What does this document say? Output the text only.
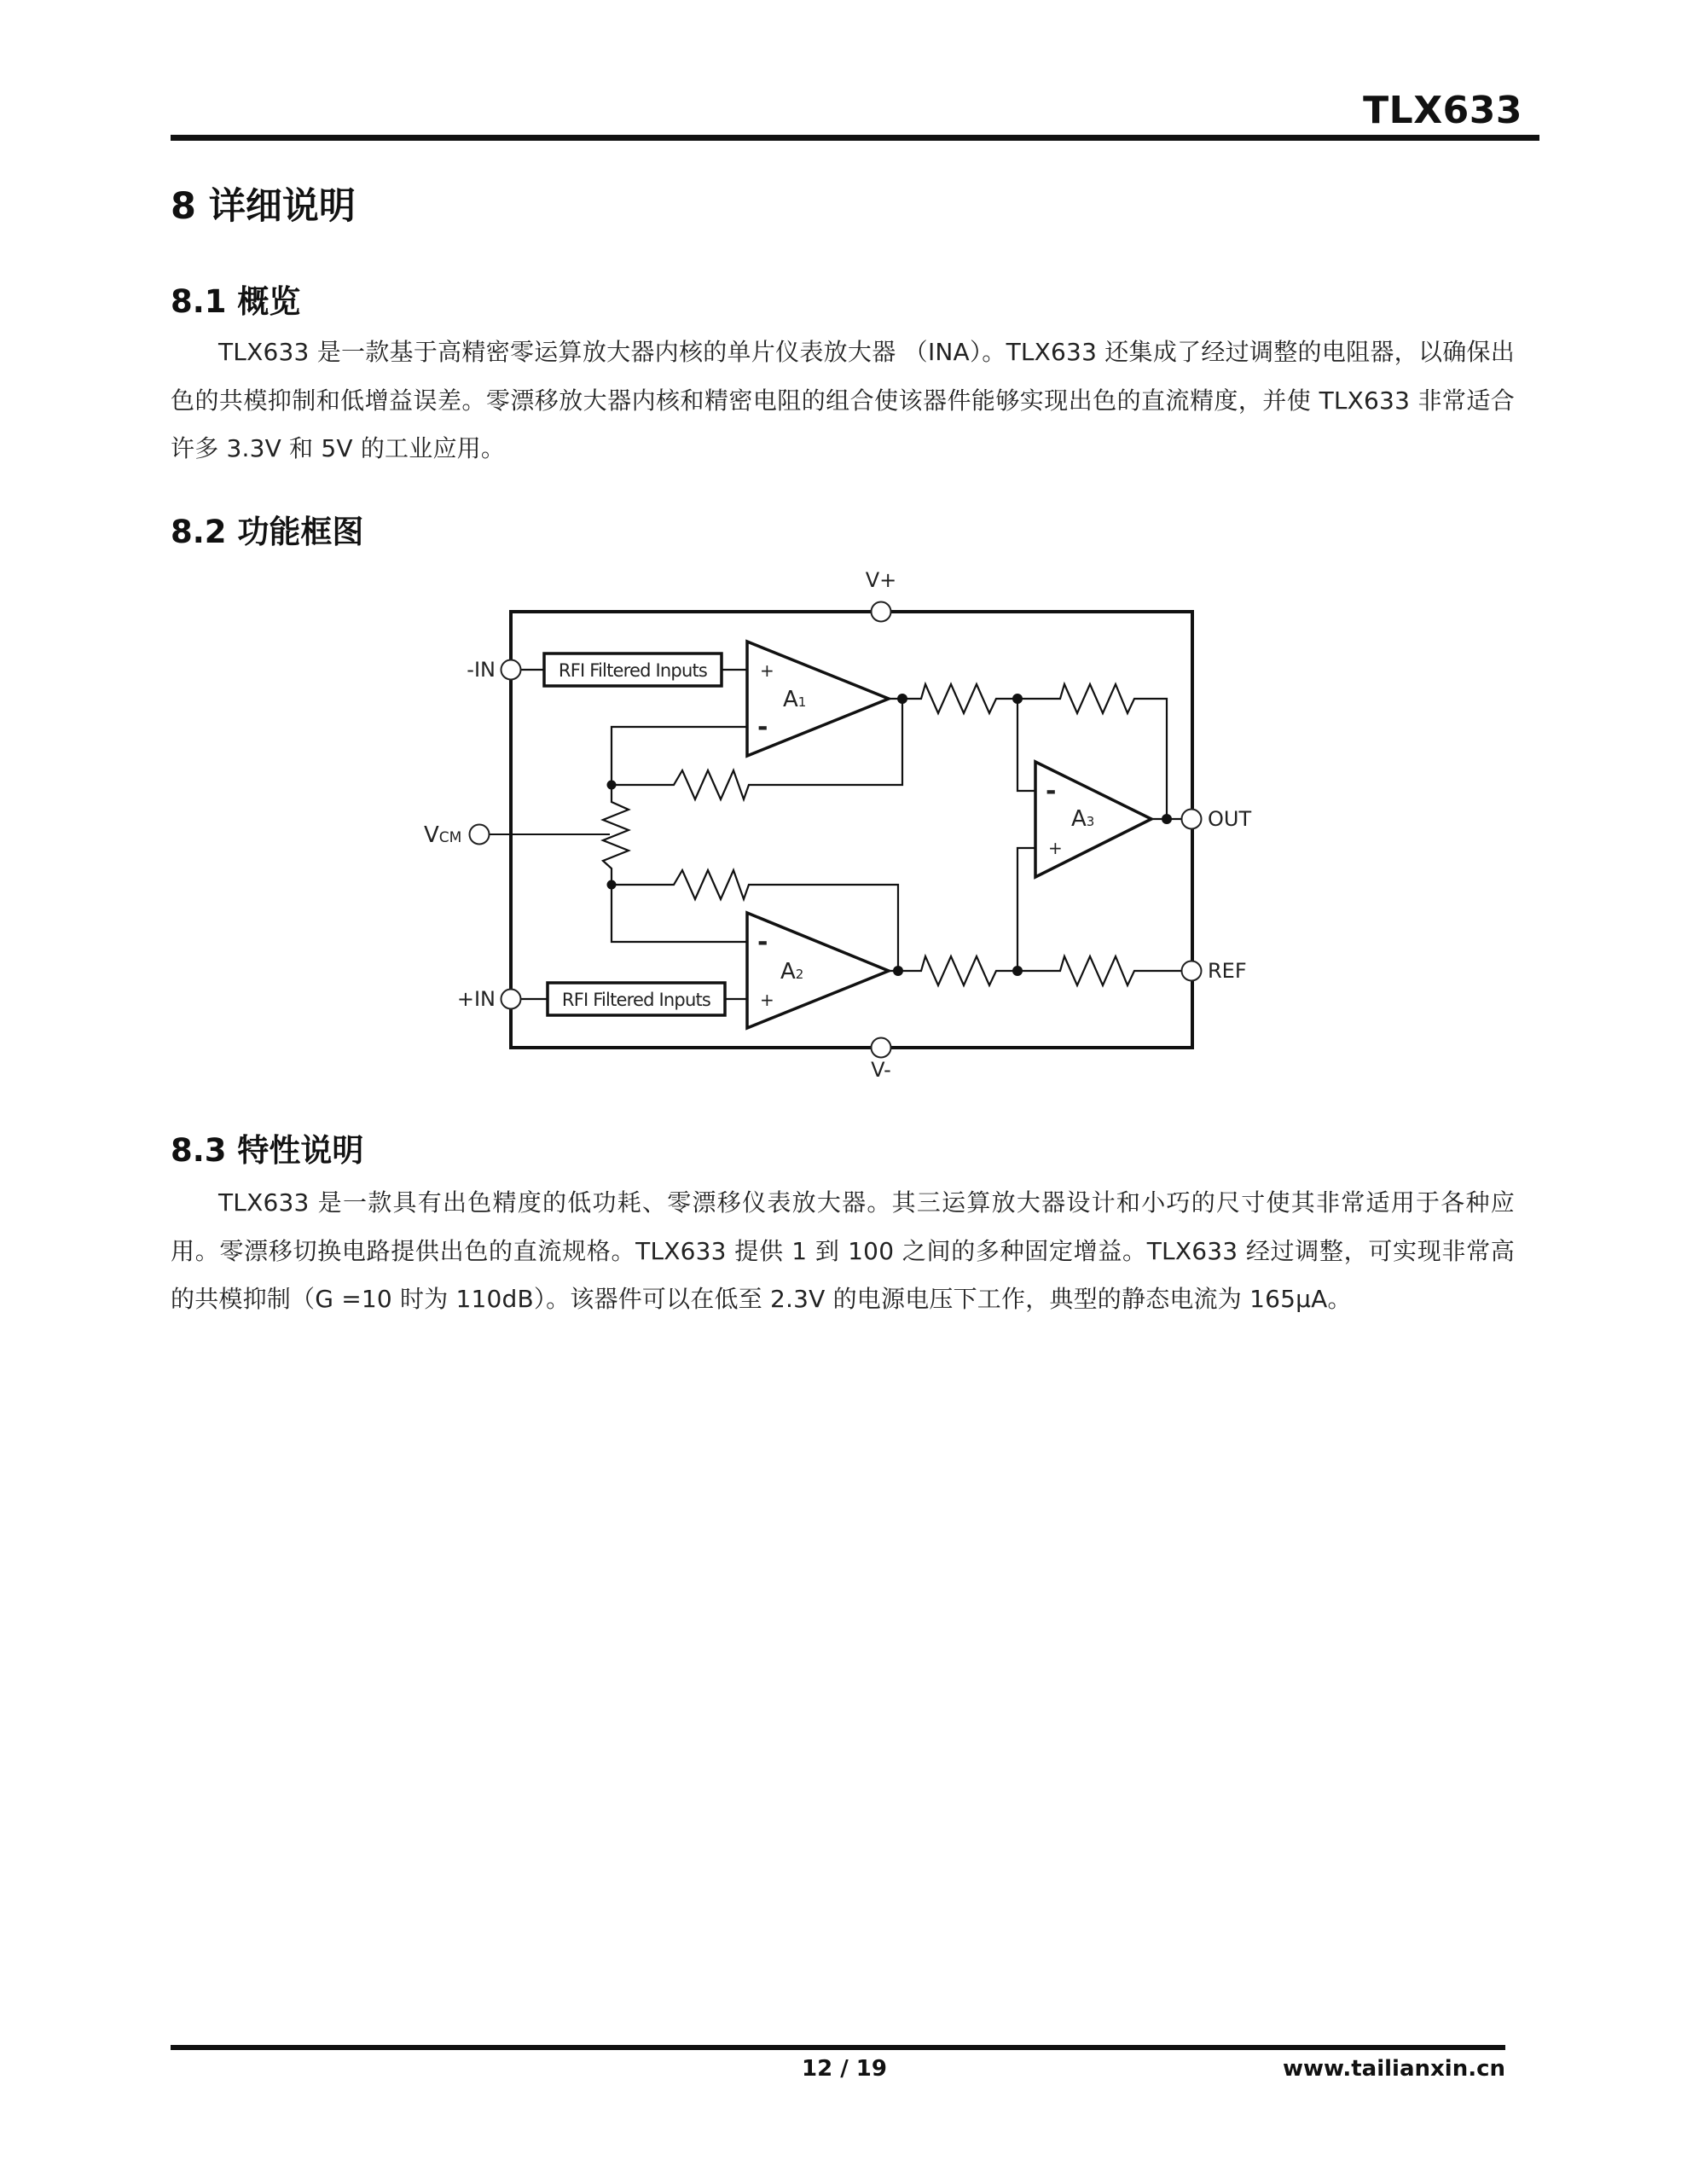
TLX633
8 详细说明
8.1 概览
TLX633 是一款基于高精密零运算放大器内核的单片仪表放大器 （INA）。TLX633 还集成了经过调整的电阻器，以确保出色的共模抑制和低增益误差。零漂移放大器内核和精密电阻的组合使该器件能够实现出色的直流精度，并使 TLX633 非常适合许多 3.3V 和 5V 的工业应用。
8.2 功能框图
V+
V-
-IN
+IN
VCM
OUT
REF
RFI Filtered Inputs
RFI Filtered Inputs
A1
A2
A3
+
-
-
+
-
+
8.3 特性说明
TLX633 是一款具有出色精度的低功耗、零漂移仪表放大器。其三运算放大器设计和小巧的尺寸使其非常适用于各种应用。零漂移切换电路提供出色的直流规格。TLX633 提供 1 到 100 之间的多种固定增益。TLX633 经过调整，可实现非常高的共模抑制（G =10 时为 110dB）。该器件可以在低至 2.3V 的电源电压下工作，典型的静态电流为 165μA。
12 / 19	www.tailianxin.cn
